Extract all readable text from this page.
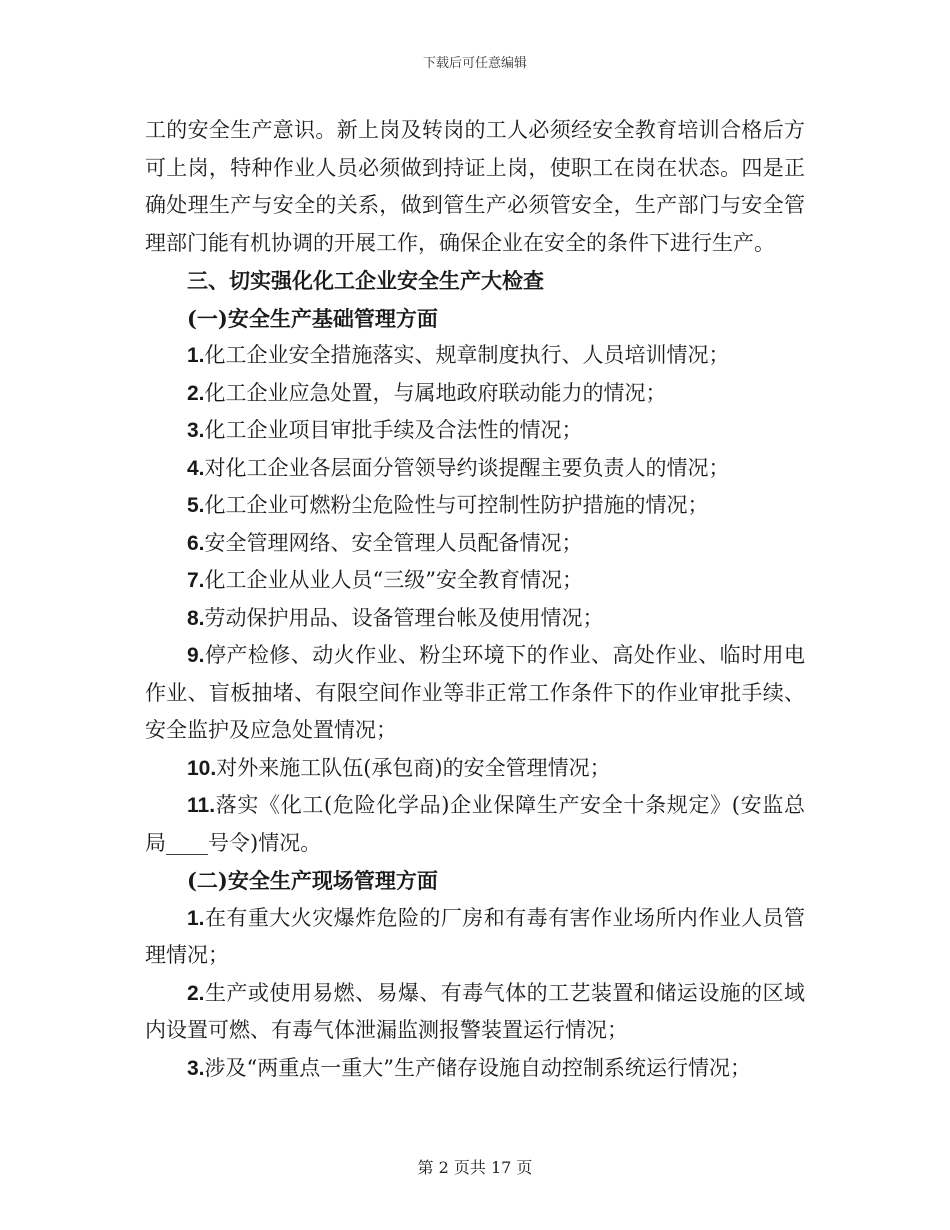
下载后可任意编辑

工的安全生产意识。新上岗及转岗的工人必须经安全教育培训合格后方可上岗，特种作业人员必须做到持证上岗，使职工在岗在状态。四是正确处理生产与安全的关系，做到管生产必须管安全，生产部门与安全管理部门能有机协调的开展工作，确保企业在安全的条件下进行生产。

三、切实强化化工企业安全生产大检查

(一)安全生产基础管理方面

1.化工企业安全措施落实、规章制度执行、人员培训情况；

2.化工企业应急处置，与属地政府联动能力的情况；

3.化工企业项目审批手续及合法性的情况；

4.对化工企业各层面分管领导约谈提醒主要负责人的情况；

5.化工企业可燃粉尘危险性与可控制性防护措施的情况；

6.安全管理网络、安全管理人员配备情况；

7.化工企业从业人员“三级”安全教育情况；

8.劳动保护用品、设备管理台帐及使用情况；

9.停产检修、动火作业、粉尘环境下的作业、高处作业、临时用电作业、盲板抽堵、有限空间作业等非正常工作条件下的作业审批手续、安全监护及应急处置情况；

10.对外来施工队伍(承包商)的安全管理情况；

11.落实《化工(危险化学品)企业保障生产安全十条规定》(安监总局____号令)情况。

(二)安全生产现场管理方面

1.在有重大火灾爆炸危险的厂房和有毒有害作业场所内作业人员管理情况；

2.生产或使用易燃、易爆、有毒气体的工艺装置和储运设施的区域内设置可燃、有毒气体泄漏监测报警装置运行情况；

3.涉及“两重点一重大”生产储存设施自动控制系统运行情况；

第 2 页共 17 页
